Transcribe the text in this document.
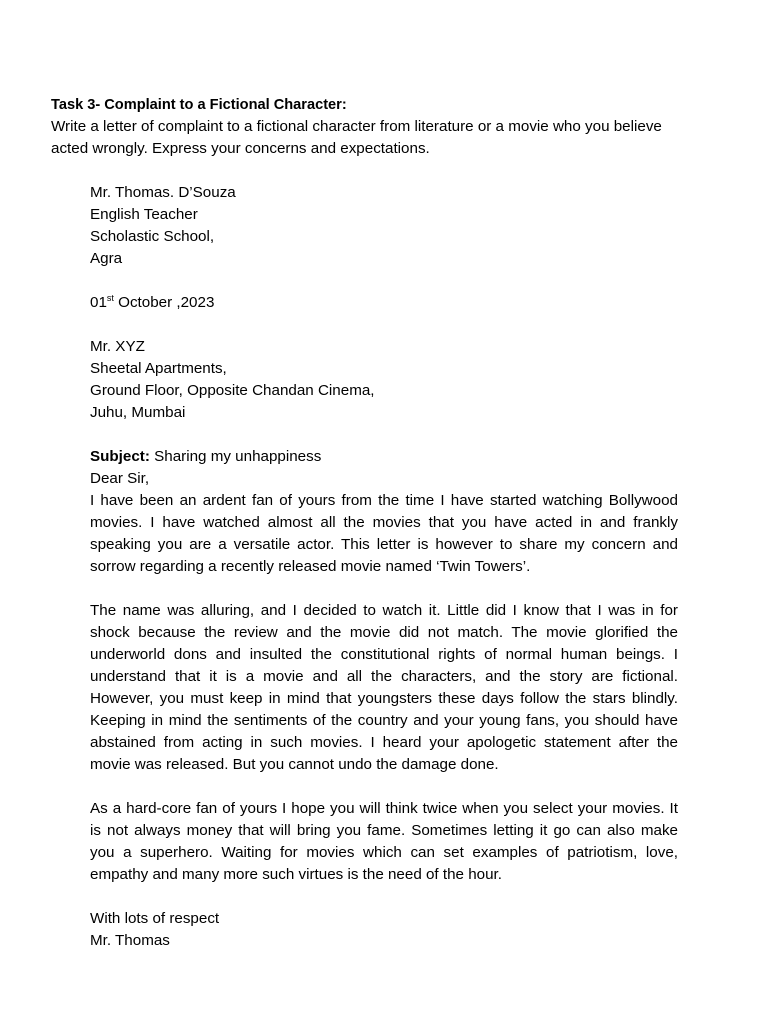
Task 3- Complaint to a Fictional Character:

Write a letter of complaint to a fictional character from literature or a movie who you believe acted wrongly. Express your concerns and expectations.

Mr. Thomas. D’Souza
English Teacher
Scholastic School,
Agra
01st October ,2023
Mr. XYZ
Sheetal Apartments,
Ground Floor, Opposite Chandan Cinema,
Juhu, Mumbai
Subject: Sharing my unhappiness
Dear Sir,

I have been an ardent fan of yours from the time I have started watching Bollywood movies. I have watched almost all the movies that you have acted in and frankly speaking you are a versatile actor. This letter is however to share my concern and sorrow regarding a recently released movie named ‘Twin Towers’.

The name was alluring, and I decided to watch it. Little did I know that I was in for shock because the review and the movie did not match. The movie glorified the underworld dons and insulted the constitutional rights of normal human beings. I understand that it is a movie and all the characters, and the story are fictional. However, you must keep in mind that youngsters these days follow the stars blindly. Keeping in mind the sentiments of the country and your young fans, you should have abstained from acting in such movies. I heard your apologetic statement after the movie was released. But you cannot undo the damage done.

As a hard-core fan of yours I hope you will think twice when you select your movies. It is not always money that will bring you fame. Sometimes letting it go can also make you a superhero. Waiting for movies which can set examples of patriotism, love, empathy and many more such virtues is the need of the hour.

With lots of respect
Mr. Thomas
